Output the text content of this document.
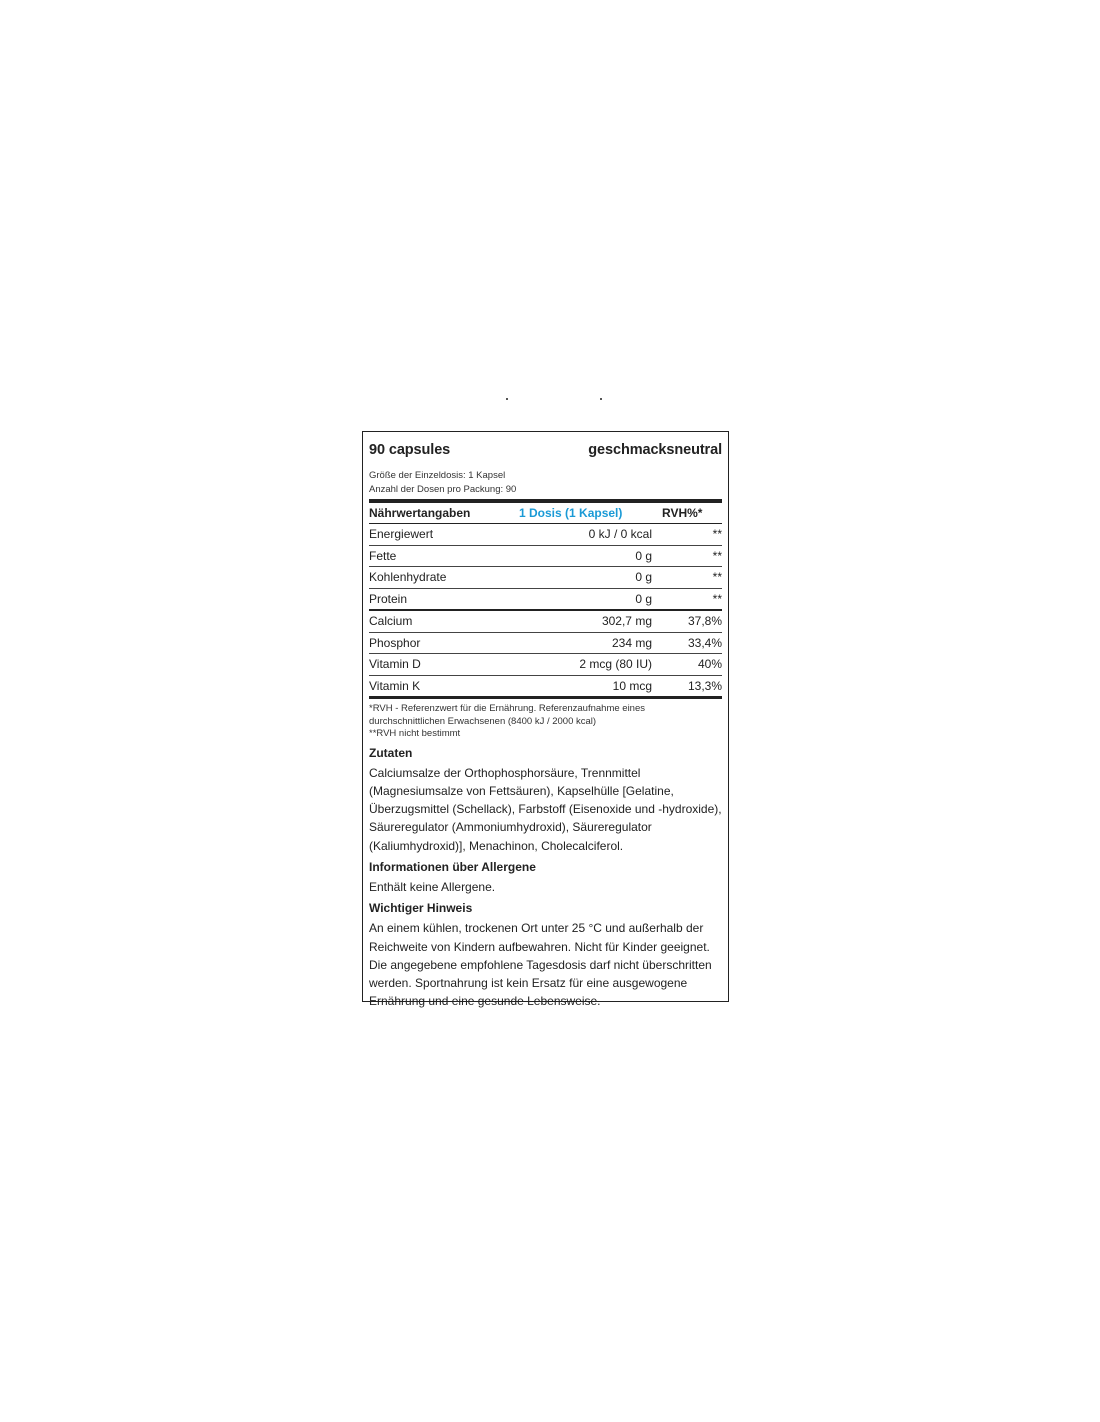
90 capsules	geschmacksneutral
Größe der Einzeldosis: 1 Kapsel
Anzahl der Dosen pro Packung: 90
Nährwertangaben	1 Dosis (1 Kapsel)	RVH%*
Energiewert	0 kJ / 0 kcal	**
Fette	0 g	**
Kohlenhydrate	0 g	**
Protein	0 g	**
Calcium	302,7 mg	37,8%
Phosphor	234 mg	33,4%
Vitamin D	2 mcg (80 IU)	40%
Vitamin K	10 mcg	13,3%
*RVH - Referenzwert für die Ernährung. Referenzaufnahme eines durchschnittlichen Erwachsenen (8400 kJ / 2000 kcal)
**RVH nicht bestimmt
Zutaten
Calciumsalze der Orthophosphorsäure, Trennmittel (Magnesiumsalze von Fettsäuren), Kapselhülle [Gelatine, Überzugsmittel (Schellack), Farbstoff (Eisenoxide und -hydroxide), Säureregulator (Ammoniumhydroxid), Säureregulator (Kaliumhydroxid)], Menachinon, Cholecalciferol.
Informationen über Allergene
Enthält keine Allergene.
Wichtiger Hinweis
An einem kühlen, trockenen Ort unter 25 °C und außerhalb der Reichweite von Kindern aufbewahren. Nicht für Kinder geeignet. Die angegebene empfohlene Tagesdosis darf nicht überschritten werden. Sportnahrung ist kein Ersatz für eine ausgewogene Ernährung und eine gesunde Lebensweise.
